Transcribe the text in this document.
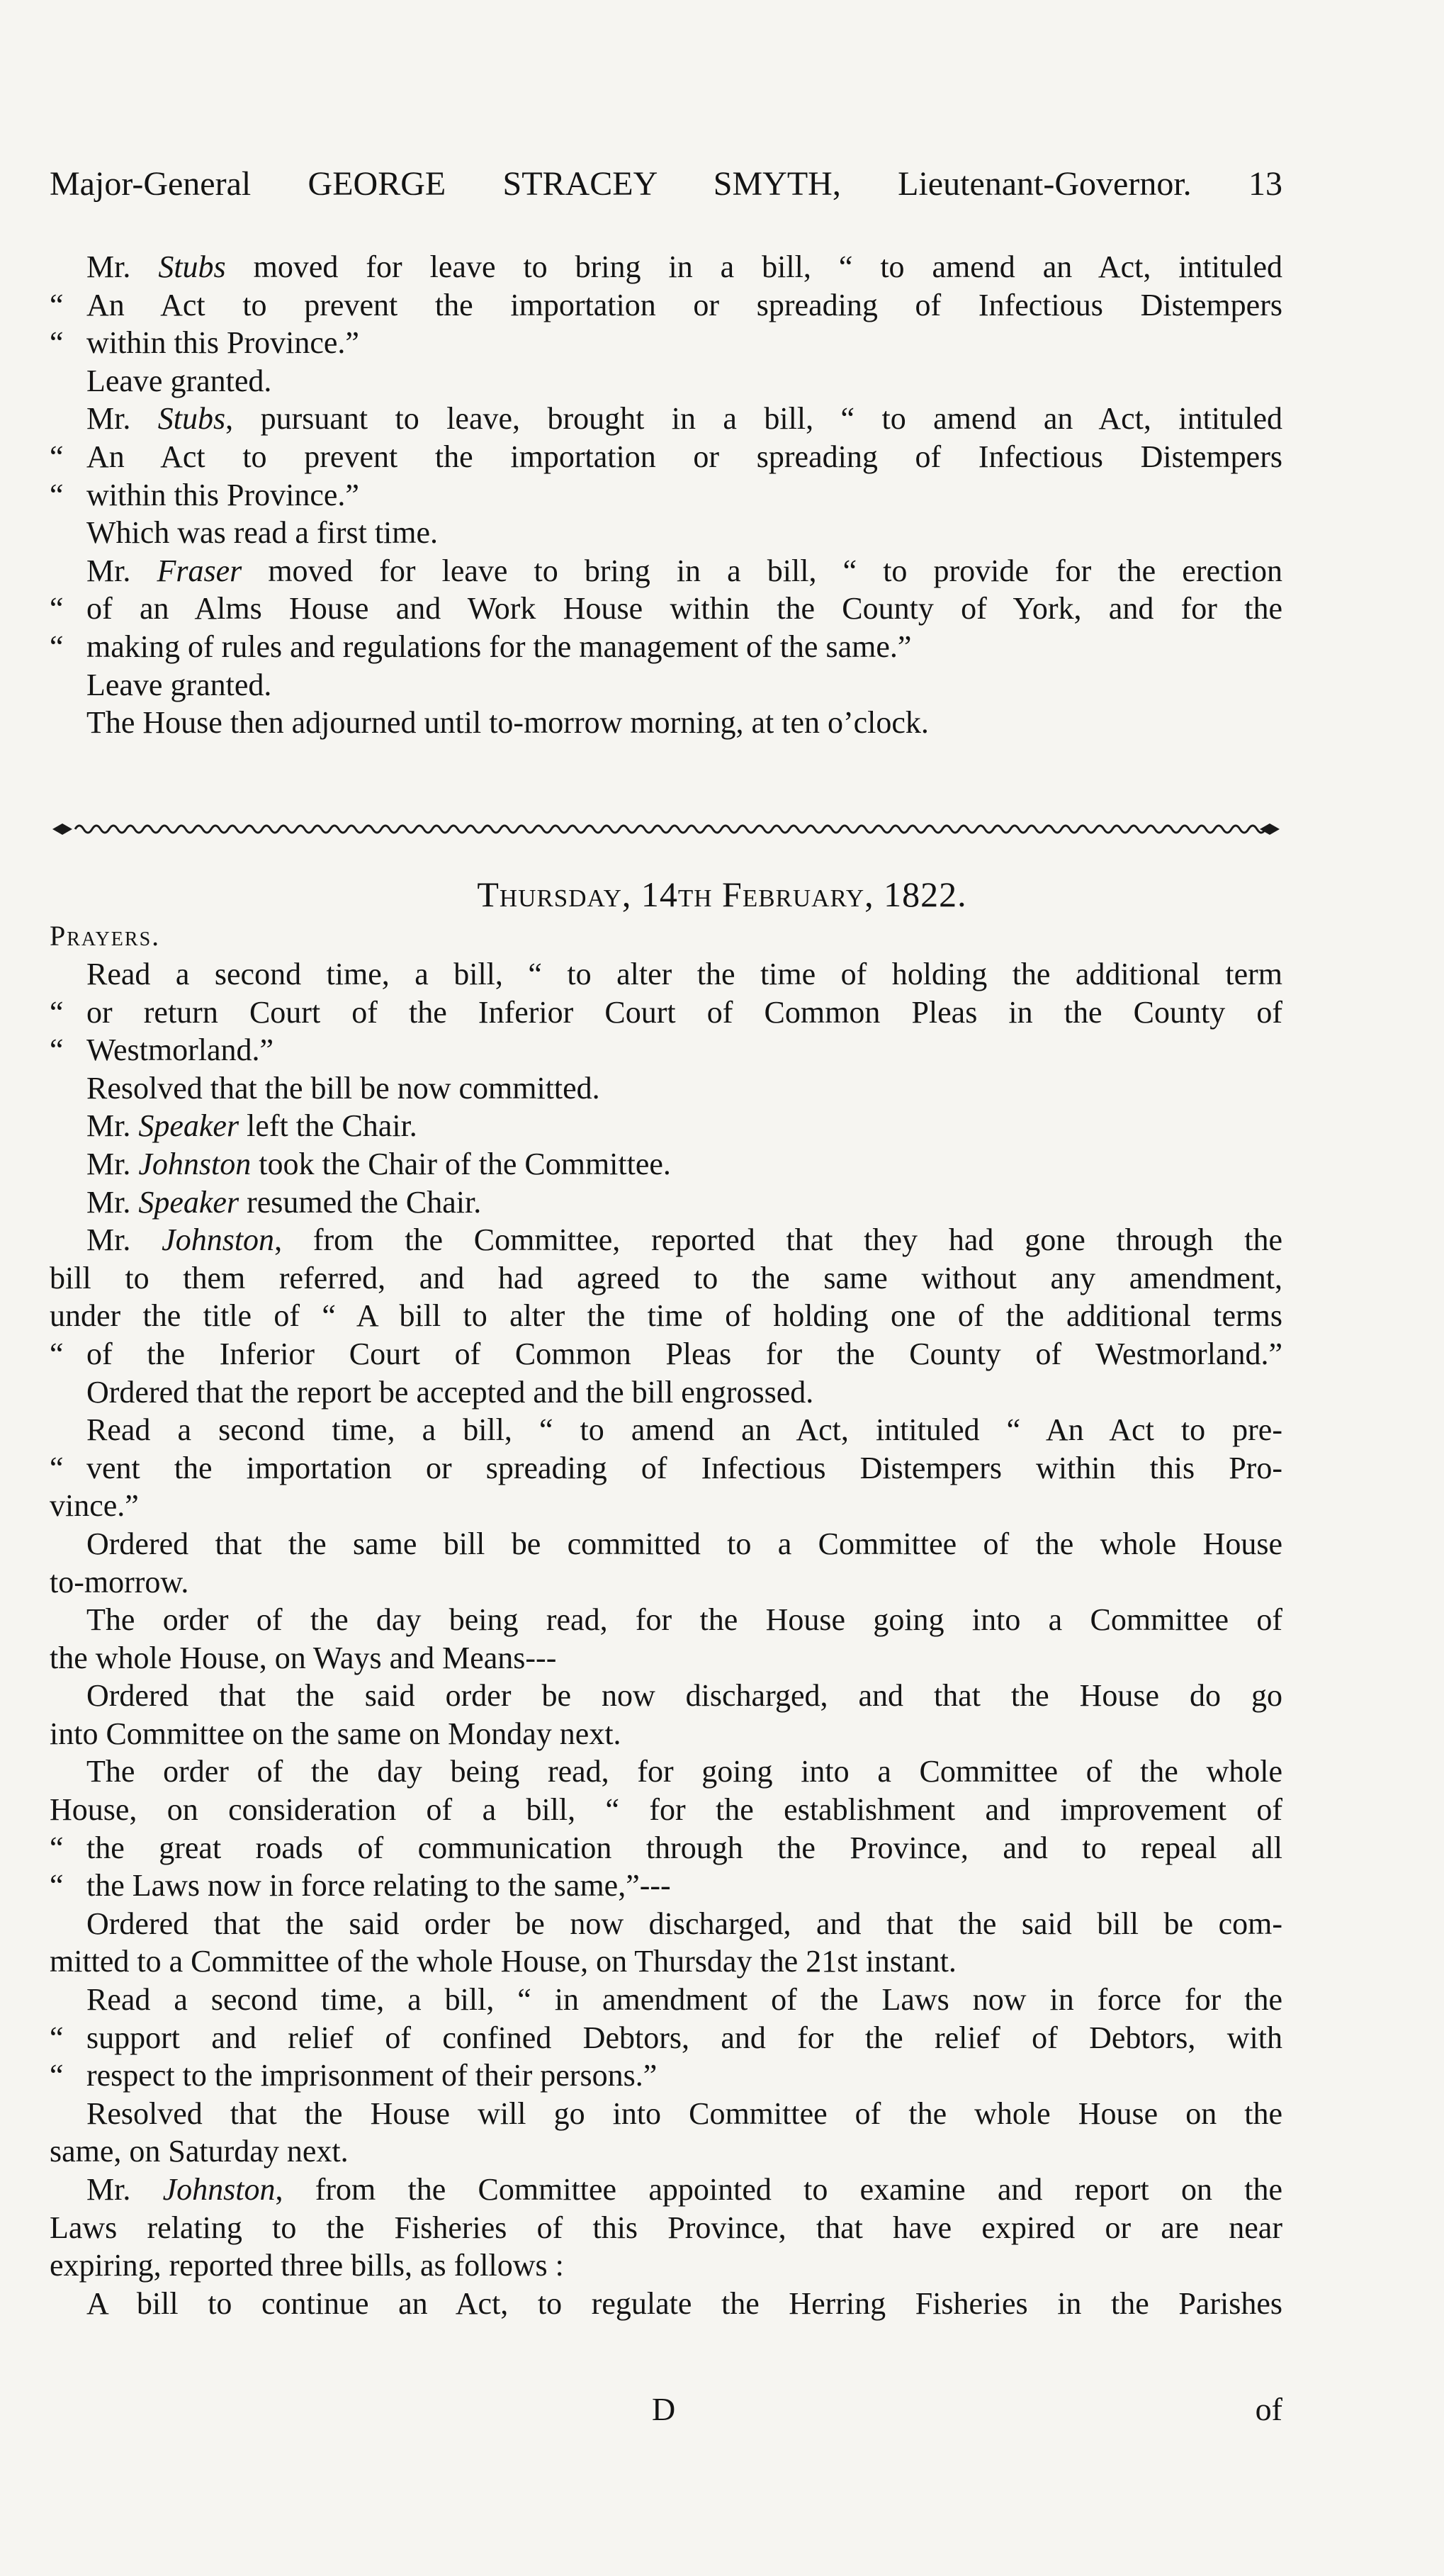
Major-General GEORGE STRACEY SMYTH, Lieutenant-Governor. 13
Mr. Stubs moved for leave to bring in a bill, “ to amend an Act, intituled
“ An Act to prevent the importation or spreading of Infectious Distempers
“ within this Province.”
Leave granted.
Mr. Stubs, pursuant to leave, brought in a bill, “ to amend an Act, intituled
“ An Act to prevent the importation or spreading of Infectious Distempers
“ within this Province.”
Which was read a first time.
Mr. Fraser moved for leave to bring in a bill, “ to provide for the erection
“ of an Alms House and Work House within the County of York, and for the
“ making of rules and regulations for the management of the same.”
Leave granted.
The House then adjourned until to-morrow morning, at ten o’clock.
Thursday, 14th February, 1822.
Prayers.
Read a second time, a bill, “ to alter the time of holding the additional term
“ or return Court of the Inferior Court of Common Pleas in the County of
“ Westmorland.”
Resolved that the bill be now committed.
Mr. Speaker left the Chair.
Mr. Johnston took the Chair of the Committee.
Mr. Speaker resumed the Chair.
Mr. Johnston, from the Committee, reported that they had gone through the
bill to them referred, and had agreed to the same without any amendment,
under the title of “ A bill to alter the time of holding one of the additional terms
“ of the Inferior Court of Common Pleas for the County of Westmorland.”
Ordered that the report be accepted and the bill engrossed.
Read a second time, a bill, “ to amend an Act, intituled “ An Act to pre-
“ vent the importation or spreading of Infectious Distempers within this Pro-
vince.”
Ordered that the same bill be committed to a Committee of the whole House
to-morrow.
The order of the day being read, for the House going into a Committee of
the whole House, on Ways and Means---
Ordered that the said order be now discharged, and that the House do go
into Committee on the same on Monday next.
The order of the day being read, for going into a Committee of the whole
House, on consideration of a bill, “ for the establishment and improvement of
“ the great roads of communication through the Province, and to repeal all
“ the Laws now in force relating to the same,”---
Ordered that the said order be now discharged, and that the said bill be com-
mitted to a Committee of the whole House, on Thursday the 21st instant.
Read a second time, a bill, “ in amendment of the Laws now in force for the
“ support and relief of confined Debtors, and for the relief of Debtors, with
“ respect to the imprisonment of their persons.”
Resolved that the House will go into Committee of the whole House on the
same, on Saturday next.
Mr. Johnston, from the Committee appointed to examine and report on the
Laws relating to the Fisheries of this Province, that have expired or are near
expiring, reported three bills, as follows :
A bill to continue an Act, to regulate the Herring Fisheries in the Parishes
D	of
